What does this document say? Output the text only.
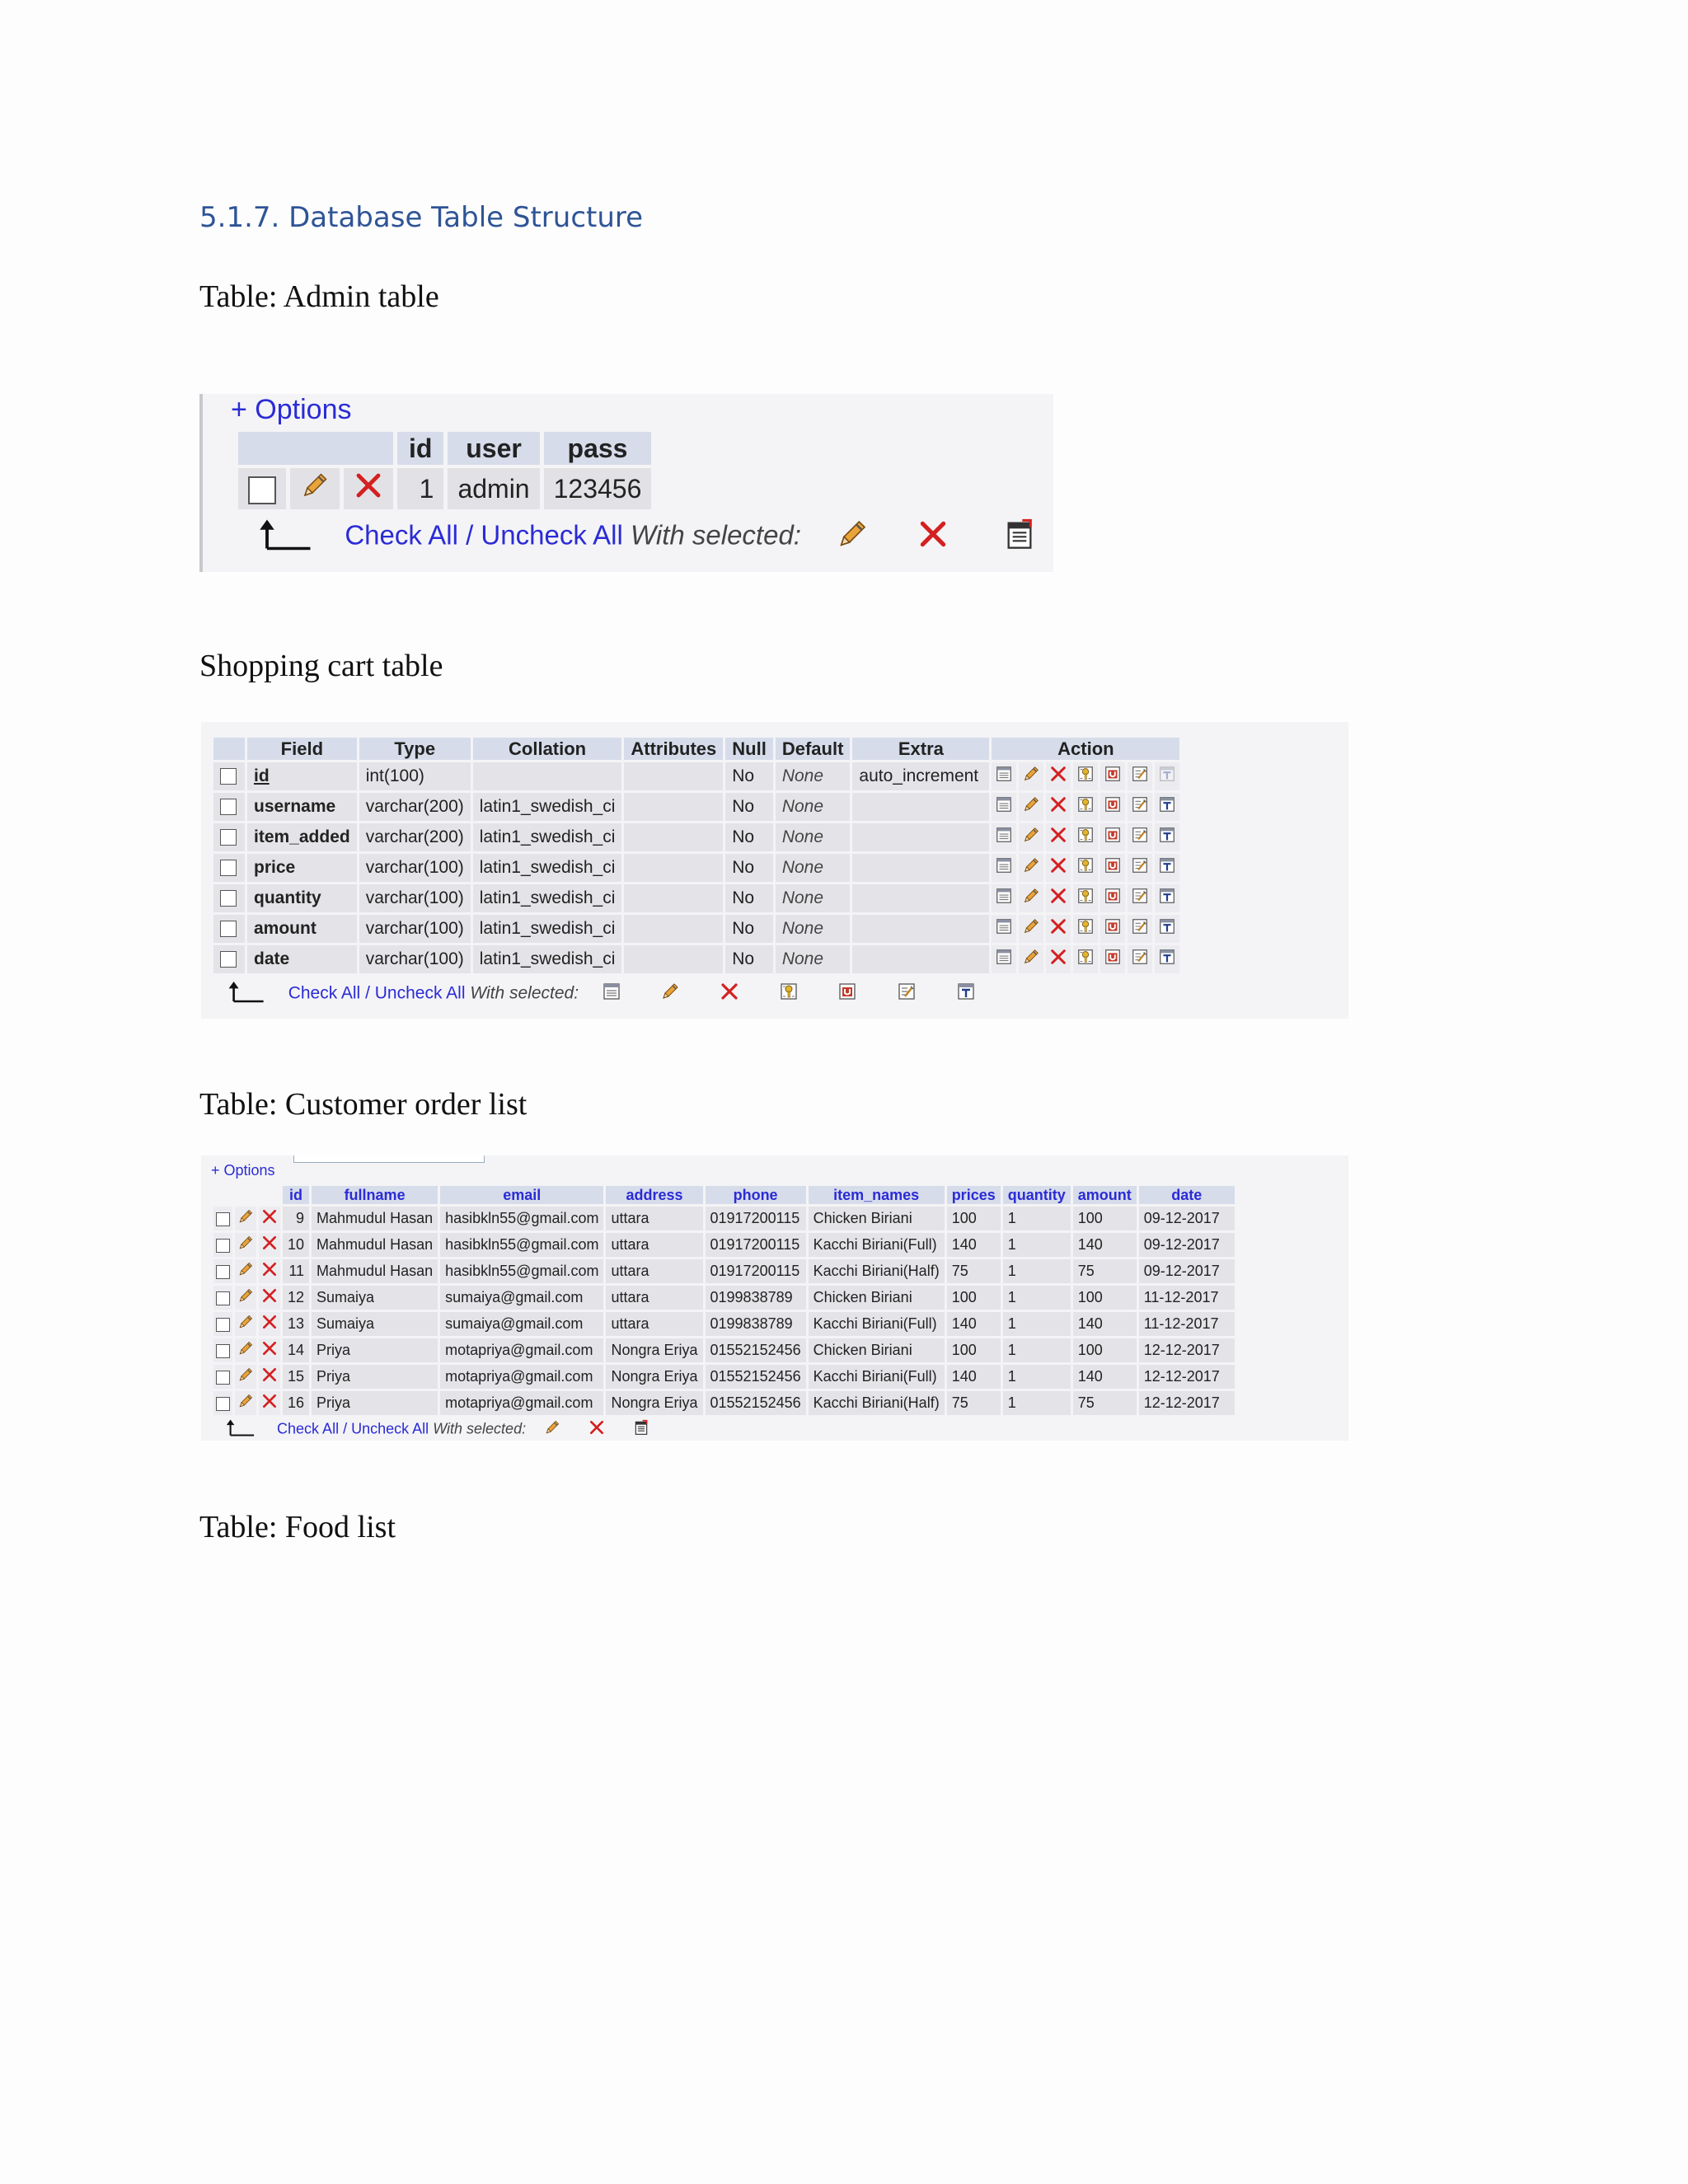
5.1.7. Database Table Structure

Table: Admin table

+ Options
			id	user	pass
			1	admin	123456
Check All / Uncheck All With selected:

Shopping cart table

	Field	Type	Collation	Attributes	Null	Default	Extra	Action						
	id	int(100)			No	None	auto_increment							
	username	varchar(200)	latin1_swedish_ci		No	None								
	item_added	varchar(200)	latin1_swedish_ci		No	None								
	price	varchar(100)	latin1_swedish_ci		No	None								
	quantity	varchar(100)	latin1_swedish_ci		No	None								
	amount	varchar(100)	latin1_swedish_ci		No	None								
	date	varchar(100)	latin1_swedish_ci		No	None								
Check All / Uncheck All With selected:

Table: Customer order list

+ Options
			id	fullname	email	address	phone	item_names	prices	quantity	amount	date
			9	Mahmudul Hasan	hasibkln55@gmail.com	uttara	01917200115	Chicken Biriani	100	1	100	09-12-2017
			10	Mahmudul Hasan	hasibkln55@gmail.com	uttara	01917200115	Kacchi Biriani(Full)	140	1	140	09-12-2017
			11	Mahmudul Hasan	hasibkln55@gmail.com	uttara	01917200115	Kacchi Biriani(Half)	75	1	75	09-12-2017
			12	Sumaiya	sumaiya@gmail.com	uttara	0199838789	Chicken Biriani	100	1	100	11-12-2017
			13	Sumaiya	sumaiya@gmail.com	uttara	0199838789	Kacchi Biriani(Full)	140	1	140	11-12-2017
			14	Priya	motapriya@gmail.com	Nongra Eriya	01552152456	Chicken Biriani	100	1	100	12-12-2017
			15	Priya	motapriya@gmail.com	Nongra Eriya	01552152456	Kacchi Biriani(Full)	140	1	140	12-12-2017
			16	Priya	motapriya@gmail.com	Nongra Eriya	01552152456	Kacchi Biriani(Half)	75	1	75	12-12-2017
Check All / Uncheck All With selected:

Table: Food list
